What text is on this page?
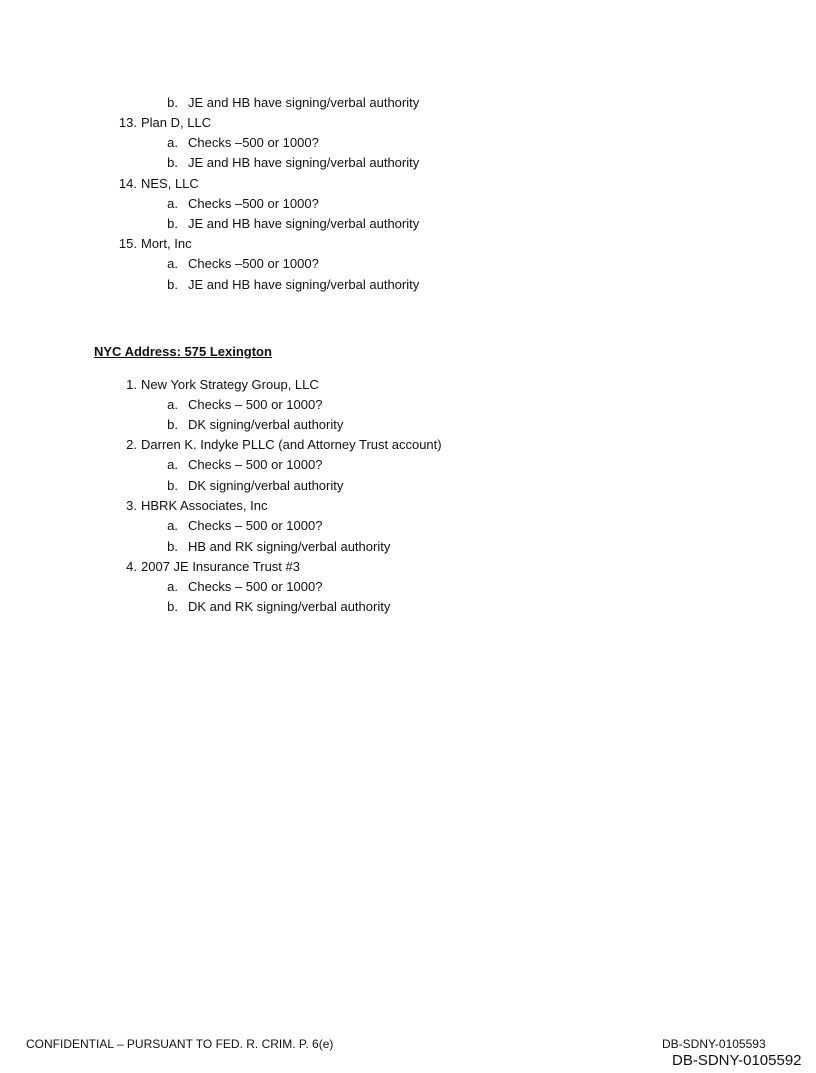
b. JE and HB have signing/verbal authority
13. Plan D, LLC
a. Checks –500 or 1000?
b. JE and HB have signing/verbal authority
14. NES, LLC
a. Checks –500 or 1000?
b. JE and HB have signing/verbal authority
15. Mort, Inc
a. Checks –500 or 1000?
b. JE and HB have signing/verbal authority
NYC Address: 575 Lexington
1. New York Strategy Group, LLC
a. Checks – 500 or 1000?
b. DK signing/verbal authority
2. Darren K. Indyke PLLC (and Attorney Trust account)
a. Checks – 500 or 1000?
b. DK signing/verbal authority
3. HBRK Associates, Inc
a. Checks – 500 or 1000?
b. HB and RK signing/verbal authority
4. 2007 JE Insurance Trust #3
a. Checks – 500 or 1000?
b. DK and RK signing/verbal authority
CONFIDENTIAL – PURSUANT TO FED. R. CRIM. P. 6(e)	DB-SDNY-0105593
DB-SDNY-0105592
